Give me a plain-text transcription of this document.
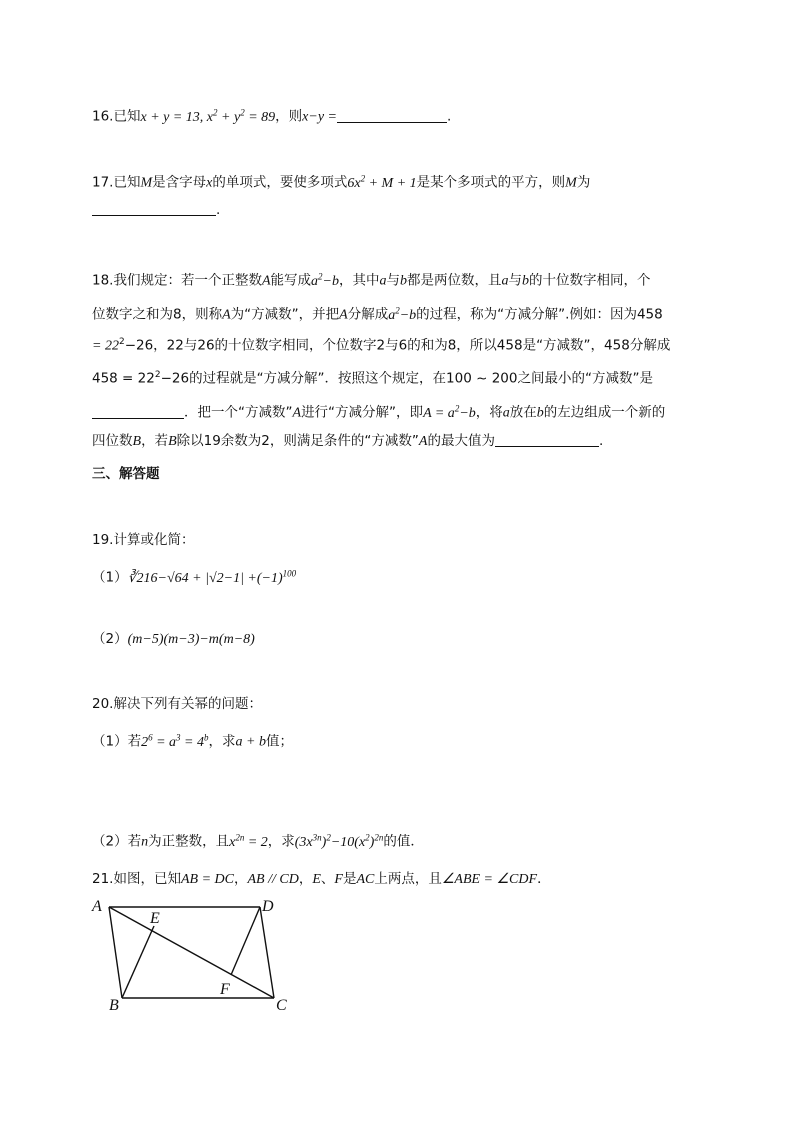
16.已知x + y = 13, $x^2 + y^2 = 89$，则x−y =	.
17.已知M是含字母x的单项式，要使多项式$6x^2 + M + 1$是某个多项式的平方，则M为
.
18.我们规定：若一个正整数A能写成$a^2-b$，其中a与b都是两位数，且a与b的十位数字相同，个
位数字之和为8，则称A为“方减数”，并把A分解成$a^2-b$的过程，称为“方减分解”.例如：因为458
= $22^2-26$，22与26的十位数字相同，个位数字2与6的和为8，所以458是“方减数”，458分解成
$458 = 22^2-26$的过程就是“方减分解”．按照这个规定，在100 ~ 200之间最小的“方减数”是
．把一个“方减数”A进行“方减分解”，即$A = a^2-b$，将a放在b的左边组成一个新的
四位数B，若B除以19余数为2，则满足条件的“方减数”A的最大值为	.
三、解答题
19.计算或化简：
（1）∛216−√64 + $|√2-1| +(-1)^{100}$
（2）(m−5)(m−3)−m(m−8)
20.解决下列有关幂的问题：
（1）若$2^6 = a^3 = 4^b$，求a + b值；
（2）若n为正整数，且$x^{2n} = 2$，求$(3x^{3n})^2-10(x^2)^{2n}$的值．
21.如图，已知AB = DC，AB // CD，E、F是AC上两点，且∠ABE = ∠CDF．
A	D
E
F
B	C
